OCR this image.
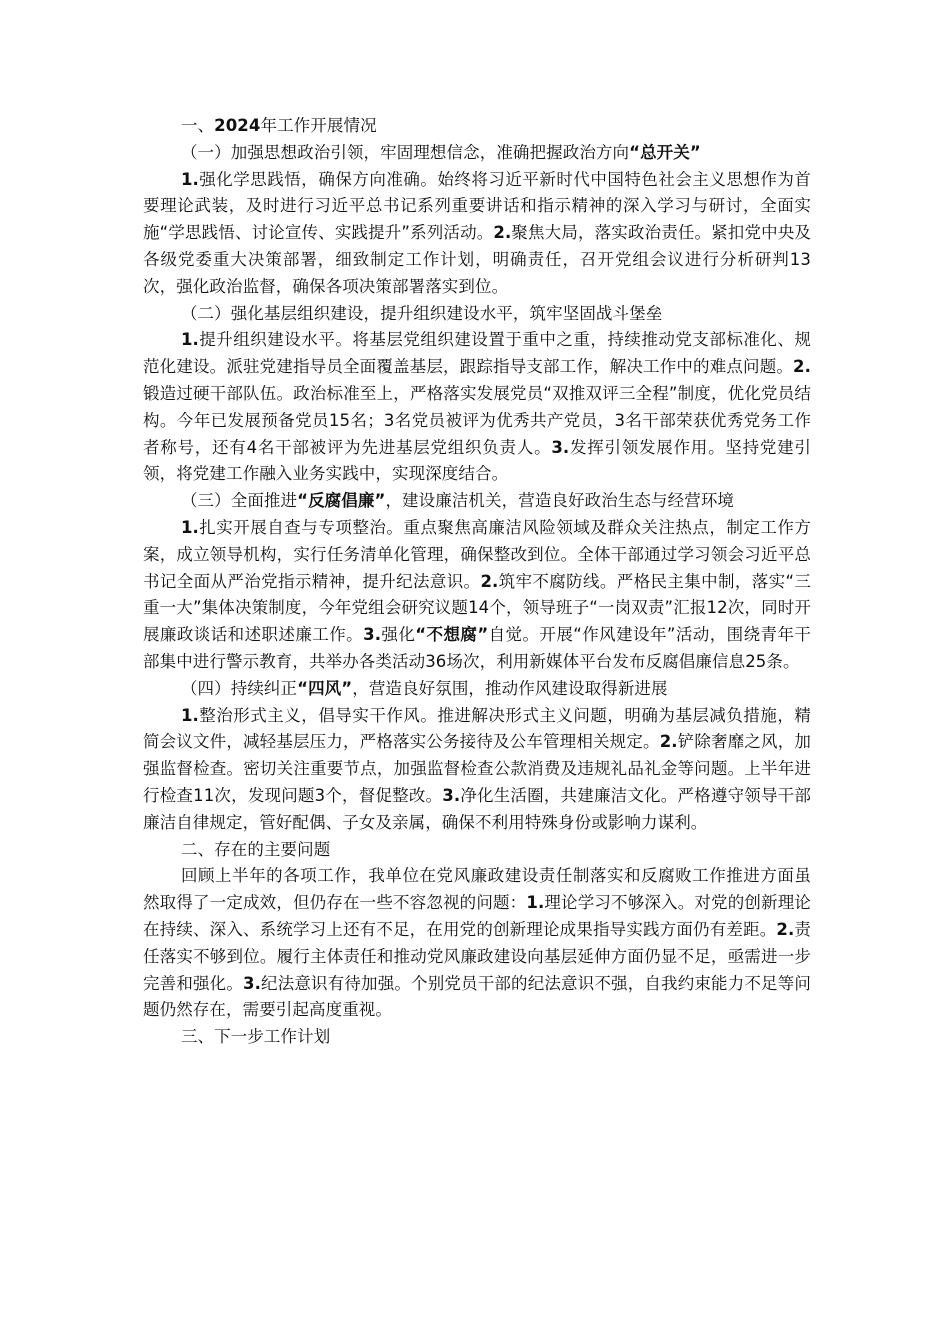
一、2024年工作开展情况

（一）加强思想政治引领，牢固理想信念，准确把握政治方向“总开关”

1.强化学思践悟，确保方向准确。始终将习近平新时代中国特色社会主义思想作为首要理论武装，及时进行习近平总书记系列重要讲话和指示精神的深入学习与研讨，全面实施“学思践悟、讨论宣传、实践提升”系列活动。2.聚焦大局，落实政治责任。紧扣党中央及各级党委重大决策部署，细致制定工作计划，明确责任，召开党组会议进行分析研判13次，强化政治监督，确保各项决策部署落实到位。

（二）强化基层组织建设，提升组织建设水平，筑牢坚固战斗堡垒

1.提升组织建设水平。将基层党组织建设置于重中之重，持续推动党支部标准化、规范化建设。派驻党建指导员全面覆盖基层，跟踪指导支部工作，解决工作中的难点问题。2.锻造过硬干部队伍。政治标准至上，严格落实发展党员“双推双评三全程”制度，优化党员结构。今年已发展预备党员15名；3名党员被评为优秀共产党员，3名干部荣获优秀党务工作者称号，还有4名干部被评为先进基层党组织负责人。3.发挥引领发展作用。坚持党建引领，将党建工作融入业务实践中，实现深度结合。

（三）全面推进“反腐倡廉”，建设廉洁机关，营造良好政治生态与经营环境

1.扎实开展自查与专项整治。重点聚焦高廉洁风险领域及群众关注热点，制定工作方案，成立领导机构，实行任务清单化管理，确保整改到位。全体干部通过学习领会习近平总书记全面从严治党指示精神，提升纪法意识。2.筑牢不腐防线。严格民主集中制，落实“三重一大”集体决策制度，今年党组会研究议题14个，领导班子“一岗双责”汇报12次，同时开展廉政谈话和述职述廉工作。3.强化“不想腐”自觉。开展“作风建设年”活动，围绕青年干部集中进行警示教育，共举办各类活动36场次，利用新媒体平台发布反腐倡廉信息25条。

（四）持续纠正“四风”，营造良好氛围，推动作风建设取得新进展

1.整治形式主义，倡导实干作风。推进解决形式主义问题，明确为基层减负措施，精简会议文件，减轻基层压力，严格落实公务接待及公车管理相关规定。2.铲除奢靡之风，加强监督检查。密切关注重要节点，加强监督检查公款消费及违规礼品礼金等问题。上半年进行检查11次，发现问题3个，督促整改。3.净化生活圈，共建廉洁文化。严格遵守领导干部廉洁自律规定，管好配偶、子女及亲属，确保不利用特殊身份或影响力谋利。

二、存在的主要问题

回顾上半年的各项工作，我单位在党风廉政建设责任制落实和反腐败工作推进方面虽然取得了一定成效，但仍存在一些不容忽视的问题：1.理论学习不够深入。对党的创新理论在持续、深入、系统学习上还有不足，在用党的创新理论成果指导实践方面仍有差距。2.责任落实不够到位。履行主体责任和推动党风廉政建设向基层延伸方面仍显不足，亟需进一步完善和强化。3.纪法意识有待加强。个别党员干部的纪法意识不强，自我约束能力不足等问题仍然存在，需要引起高度重视。

三、下一步工作计划
